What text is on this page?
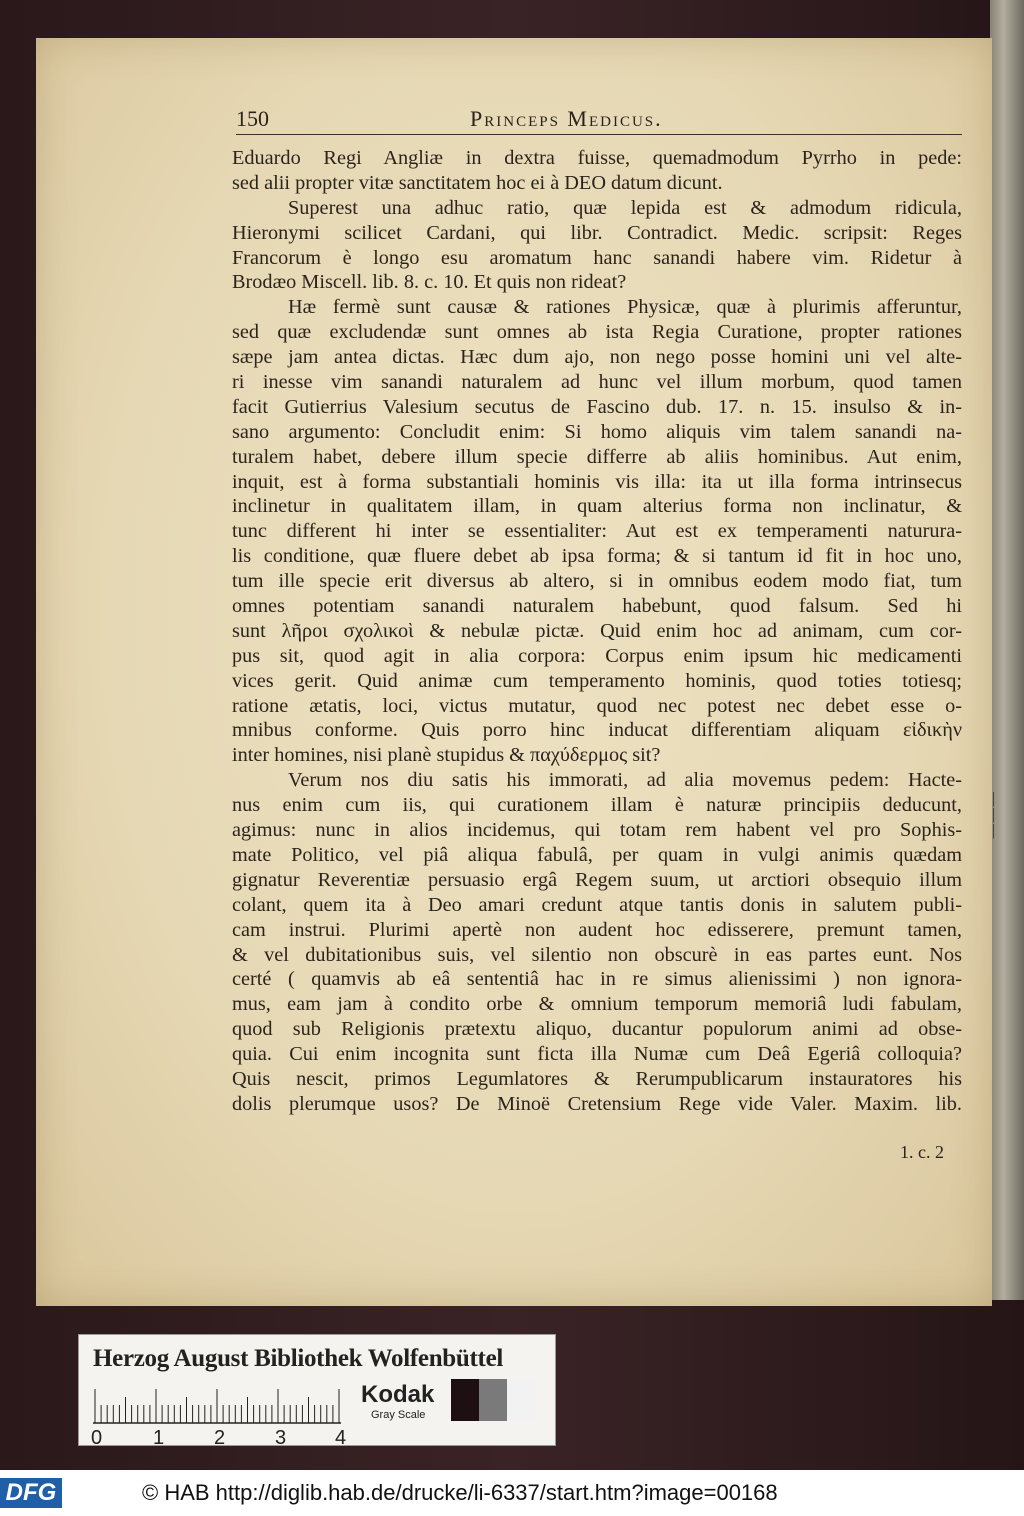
150	Princeps Medicus.
Eduardo Regi Angliæ in dextra fuisse, quemadmodum Pyrrho in pede:
sed alii propter vitæ sanctitatem hoc ei à DEO datum dicunt.
Superest una adhuc ratio, quæ lepida est & admodum ridicula,
Hieronymi scilicet Cardani, qui libr. Contradict. Medic. scripsit: Reges
Francorum è longo esu aromatum hanc sanandi habere vim. Ridetur à
Brodæo Miscell. lib. 8. c. 10. Et quis non rideat?
Hæ fermè sunt causæ & rationes Physicæ, quæ à plurimis afferuntur,
sed quæ excludendæ sunt omnes ab ista Regia Curatione, propter rationes
sæpe jam antea dictas. Hæc dum ajo, non nego posse homini uni vel alte-
ri inesse vim sanandi naturalem ad hunc vel illum morbum, quod tamen
facit Gutierrius Valesium secutus de Fascino dub. 17. n. 15. insulso & in-
sano argumento: Concludit enim: Si homo aliquis vim talem sanandi na-
turalem habet, debere illum specie differre ab aliis hominibus. Aut enim,
inquit, est à forma substantiali hominis vis illa: ita ut illa forma intrinsecus
inclinetur in qualitatem illam, in quam alterius forma non inclinatur, &
tunc different hi inter se essentialiter: Aut est ex temperamenti naturura-
lis conditione, quæ fluere debet ab ipsa forma; & si tantum id fit in hoc uno,
tum ille specie erit diversus ab altero, si in omnibus eodem modo fiat, tum
omnes potentiam sanandi naturalem habebunt, quod falsum. Sed hi
sunt λῆροι σχολικοὶ & nebulæ pictæ. Quid enim hoc ad animam, cum cor-
pus sit, quod agit in alia corpora: Corpus enim ipsum hic medicamenti
vices gerit. Quid animæ cum temperamento hominis, quod toties totiesq;
ratione ætatis, loci, victus mutatur, quod nec potest nec debet esse o-
mnibus conforme. Quis porro hinc inducat differentiam aliquam εἰδικὴν
inter homines, nisi planè stupidus & παχύδερμος sit?
Verum nos diu satis his immorati, ad alia movemus pedem: Hacte-
nus enim cum iis, qui curationem illam è naturæ principiis deducunt,
agimus: nunc in alios incidemus, qui totam rem habent vel pro Sophis-
mate Politico, vel piâ aliqua fabulâ, per quam in vulgi animis quædam
gignatur Reverentiæ persuasio ergâ Regem suum, ut arctiori obsequio illum
colant, quem ita à Deo amari credunt atque tantis donis in salutem publi-
cam instrui. Plurimi apertè non audent hoc edisserere, premunt tamen,
& vel dubitationibus suis, vel silentio non obscurè in eas partes eunt. Nos
certé ( quamvis ab eâ sententiâ hac in re simus alienissimi ) non ignora-
mus, eam jam à condito orbe & omnium temporum memoriâ ludi fabulam,
quod sub Religionis prætextu aliquo, ducantur populorum animi ad obse-
quia. Cui enim incognita sunt ficta illa Numæ cum Deâ Egeriâ colloquia?
Quis nescit, primos Legumlatores & Rerumpublicarum instauratores his
dolis plerumque usos? De Minoë Cretensium Rege vide Valer. Maxim. lib.
1. c. 2
|
|
|
Herzog August Bibliothek Wolfenbüttel
0	1 2 3 4
Kodak
Gray Scale
DFG	© HAB http://diglib.hab.de/drucke/li-6337/start.htm?image=00168
